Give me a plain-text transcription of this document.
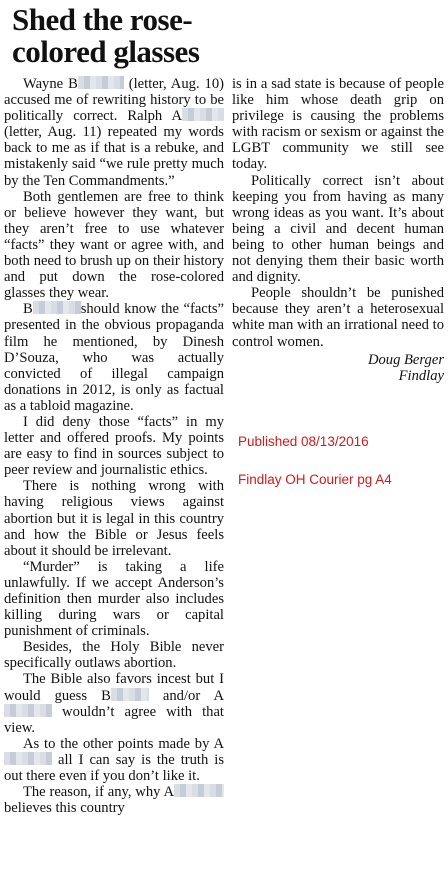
Shed the rose-
colored glasses

Wayne B	(letter, Aug. 10) accused me of rewriting history to be politically correct. Ralph A (letter, Aug. 11) repeated my words back to me as if that is a rebuke, and mistakenly said “we rule pretty much by the Ten Commandments.”

Both gentlemen are free to think or believe however they want, but they aren’t free to use whatever “facts” they want or agree with, and both need to brush up on their history and put down the rose-colored glasses they wear.

B	should know the “facts” presented in the obvious propaganda film he mentioned, by Dinesh D’Souza, who was actually convicted of illegal campaign donations in 2012, is only as factual as a tabloid magazine.

I did deny those “facts” in my letter and offered proofs. My points are easy to find in sources subject to peer review and journalistic ethics.

There is nothing wrong with having religious views against abortion but it is legal in this country and how the Bible or Jesus feels about it should be irrelevant.

“Murder” is taking a life unlawfully. If we accept Anderson’s definition then murder also includes killing during wars or capital punishment of criminals.

Besides, the Holy Bible never specifically outlaws abortion.

The Bible also favors incest but I would guess B	and/or A wouldn’t agree with that view.

As to the other points made by A all I can say is the truth is out there even if you don’t like it.

The reason, if any, why A believes this country

is in a sad state is because of people like him whose death grip on privilege is causing the problems with racism or sexism or against the LGBT community we still see today.

Politically correct isn’t about keeping you from having as many wrong ideas as you want. It’s about being a civil and decent human being to other human beings and not denying them their basic worth and dignity.

People shouldn’t be punished because they aren’t a heterosexual white man with an irrational need to control women.

Doug Berger
Findlay
Published 08/13/2016
Findlay OH Courier pg A4
